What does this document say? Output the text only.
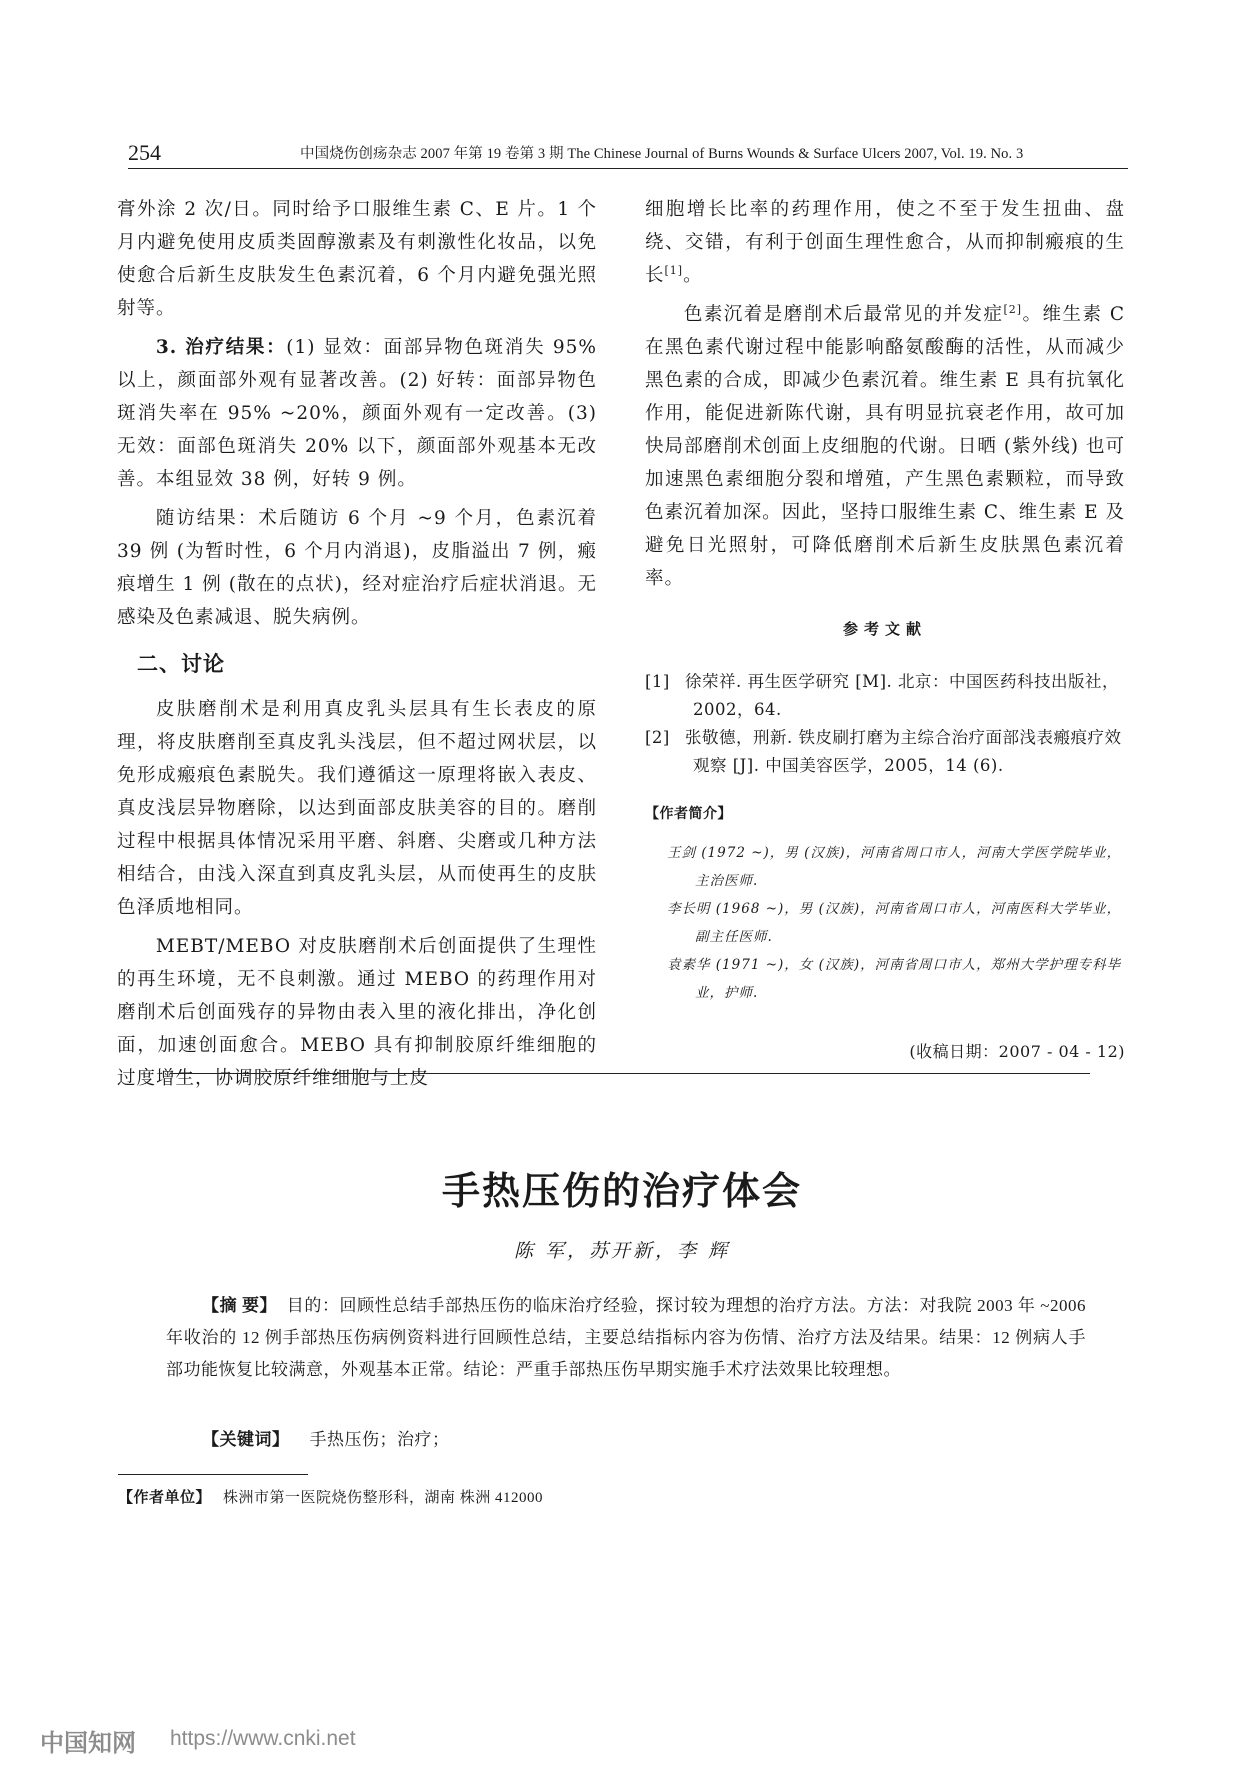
254	中国烧伤创疡杂志 2007 年第 19 卷第 3 期 The Chinese Journal of Burns Wounds & Surface Ulcers 2007, Vol. 19. No. 3

膏外涂 2 次/日。同时给予口服维生素 C、E 片。1 个月内避免使用皮质类固醇激素及有刺激性化妆品，以免使愈合后新生皮肤发生色素沉着，6 个月内避免强光照射等。

3. 治疗结果：(1) 显效：面部异物色斑消失 95% 以上，颜面部外观有显著改善。(2) 好转：面部异物色斑消失率在 95% ~20%，颜面外观有一定改善。(3) 无效：面部色斑消失 20% 以下，颜面部外观基本无改善。本组显效 38 例，好转 9 例。

随访结果：术后随访 6 个月 ~9 个月，色素沉着 39 例 (为暂时性，6 个月内消退)，皮脂溢出 7 例，瘢痕增生 1 例 (散在的点状)，经对症治疗后症状消退。无感染及色素减退、脱失病例。

二、讨论

皮肤磨削术是利用真皮乳头层具有生长表皮的原理，将皮肤磨削至真皮乳头浅层，但不超过网状层，以免形成瘢痕色素脱失。我们遵循这一原理将嵌入表皮、真皮浅层异物磨除，以达到面部皮肤美容的目的。磨削过程中根据具体情况采用平磨、斜磨、尖磨或几种方法相结合，由浅入深直到真皮乳头层，从而使再生的皮肤色泽质地相同。

MEBT/MEBO 对皮肤磨削术后创面提供了生理性的再生环境，无不良刺激。通过 MEBO 的药理作用对磨削术后创面残存的异物由表入里的液化排出，净化创面，加速创面愈合。MEBO 具有抑制胶原纤维细胞的过度增生，协调胶原纤维细胞与上皮

细胞增长比率的药理作用，使之不至于发生扭曲、盘绕、交错，有利于创面生理性愈合，从而抑制瘢痕的生长[1]。

色素沉着是磨削术后最常见的并发症[2]。维生素 C 在黑色素代谢过程中能影响酪氨酸酶的活性，从而减少黑色素的合成，即减少色素沉着。维生素 E 具有抗氧化作用，能促进新陈代谢，具有明显抗衰老作用，故可加快局部磨削术创面上皮细胞的代谢。日晒 (紫外线) 也可加速黑色素细胞分裂和增殖，产生黑色素颗粒，而导致色素沉着加深。因此，坚持口服维生素 C、维生素 E 及避免日光照射，可降低磨削术后新生皮肤黑色素沉着率。

参考文献

[1] 徐荣祥. 再生医学研究 [M]. 北京：中国医药科技出版社，2002，64.

[2] 张敬德，刑新. 铁皮刷打磨为主综合治疗面部浅表瘢痕疗效观察 [J]. 中国美容医学，2005，14 (6).

【作者简介】

王剑 (1972 ~)，男 (汉族)，河南省周口市人，河南大学医学院毕业，主治医师.

李长明 (1968 ~)，男 (汉族)，河南省周口市人，河南医科大学毕业，副主任医师.

袁素华 (1971 ~)，女 (汉族)，河南省周口市人，郑州大学护理专科毕业，护师.

(收稿日期：2007 - 04 - 12)

手热压伤的治疗体会
陈 军，苏开新，李 辉

【摘 要】 目的：回顾性总结手部热压伤的临床治疗经验，探讨较为理想的治疗方法。方法：对我院 2003 年 ~2006 年收治的 12 例手部热压伤病例资料进行回顾性总结，主要总结指标内容为伤情、治疗方法及结果。结果：12 例病人手部功能恢复比较满意，外观基本正常。结论：严重手部热压伤早期实施手术疗法效果比较理想。

【关键词】 手热压伤；治疗；
【作者单位】 株洲市第一医院烧伤整形科，湖南 株洲 412000
中国知网 https://www.cnki.net
